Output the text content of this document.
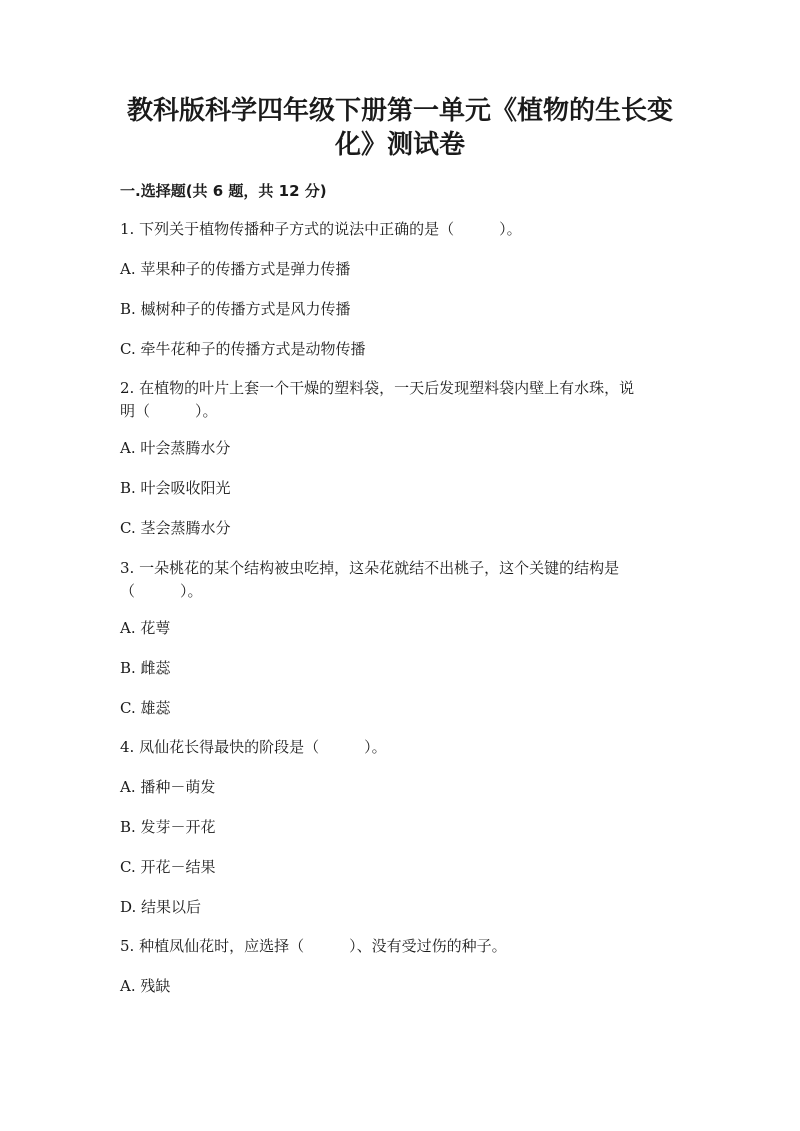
教科版科学四年级下册第一单元《植物的生长变
化》测试卷
一.选择题(共 6 题，共 12 分)
1. 下列关于植物传播种子方式的说法中正确的是（　　　）。
A. 苹果种子的传播方式是弹力传播
B. 槭树种子的传播方式是风力传播
C. 牵牛花种子的传播方式是动物传播
2. 在植物的叶片上套一个干燥的塑料袋，一天后发现塑料袋内壁上有水珠，说
明（　　　）。
A. 叶会蒸腾水分
B. 叶会吸收阳光
C. 茎会蒸腾水分
3. 一朵桃花的某个结构被虫吃掉，这朵花就结不出桃子，这个关键的结构是
（　　　）。
A. 花萼
B. 雌蕊
C. 雄蕊
4. 凤仙花长得最快的阶段是（　　　）。
A. 播种－萌发
B. 发芽－开花
C. 开花－结果
D. 结果以后
5. 种植凤仙花时，应选择（　　　）、没有受过伤的种子。
A. 残缺
